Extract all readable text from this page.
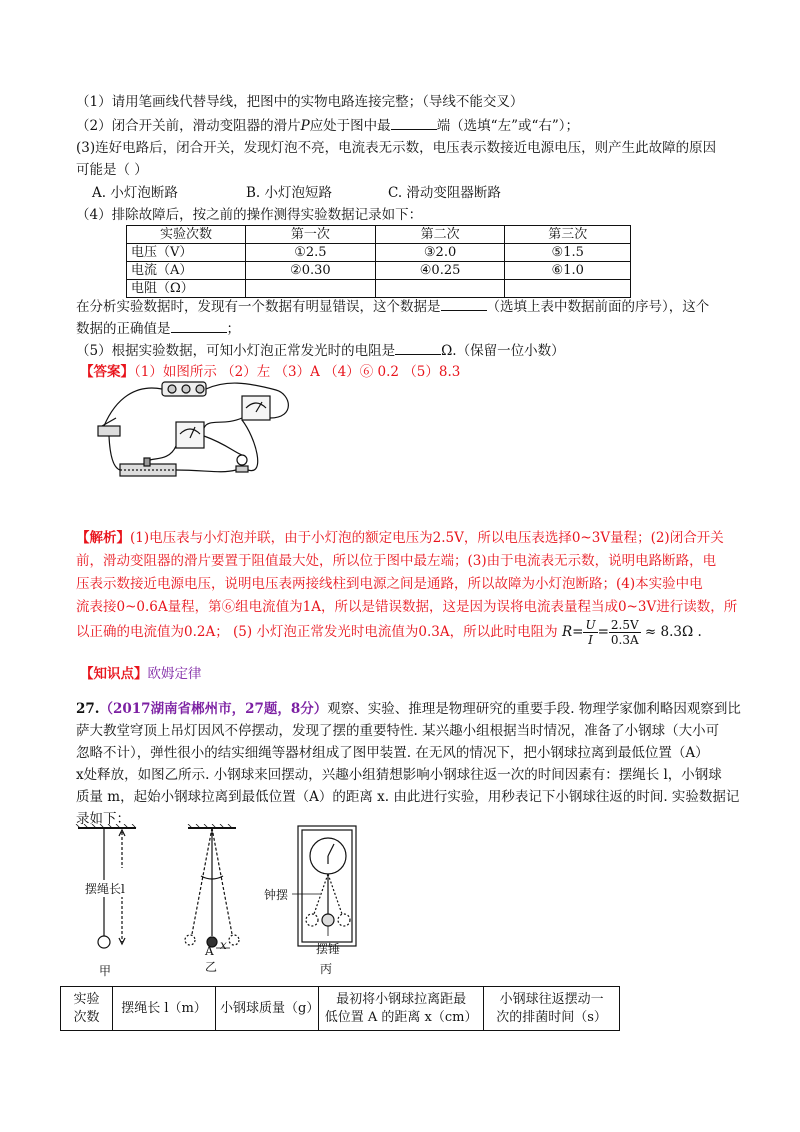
（1）请用笔画线代替导线，把图中的实物电路连接完整；（导线不能交叉）
（2）闭合开关前，滑动变阻器的滑片P应处于图中最	端（选填“左”或“右”）；
(3)连好电路后，闭合开关，发现灯泡不亮，电流表无示数，电压表示数接近电源电压，则产生此故障的原因
可能是（ ）
A. 小灯泡断路	B. 小灯泡短路	C. 滑动变阻器断路
（4）排除故障后，按之前的操作测得实验数据记录如下：
实验次数	第一次	第二次	第三次
电压（V）	①2.5	③2.0	⑤1.5
电流（A）	②0.30	④0.25	⑥1.0
电阻（Ω）			
在分析实验数据时，发现有一个数据有明显错误，这个数据是	（选填上表中数据前面的序号），这个
数据的正确值是	；
（5）根据实验数据，可知小灯泡正常发光时的电阻是	Ω.（保留一位小数）
【答案】（1）如图所示 （2）左 （3）A （4）⑥ 0.2 （5）8.3
【解析】(1)电压表与小灯泡并联，由于小灯泡的额定电压为2.5V，所以电压表选择0~3V量程；(2)闭合开关
前，滑动变阻器的滑片要置于阻值最大处，所以位于图中最左端；(3)由于电流表无示数，说明电路断路，电
压表示数接近电源电压，说明电压表两接线柱到电源之间是通路，所以故障为小灯泡断路；(4)本实验中电
流表接0~0.6A量程，第⑥组电流值为1A，所以是错误数据，这是因为误将电流表量程当成0~3V进行读数，所
以正确的电流值为0.2A； (5) 小灯泡正常发光时电流值为0.3A，所以此时电阻为 $R= \frac{U}{I} = \frac{2.5V}{0.3A} \approx 8.3\Omega$ .
【知识点】欧姆定律
27.（2017湖南省郴州市，27题，8分）观察、实验、推理是物理研究的重要手段. 物理学家伽利略因观察到比
萨大教堂穹顶上吊灯因风不停摆动，发现了摆的重要特性. 某兴趣小组根据当时情况，准备了小钢球（大小可
忽略不计），弹性很小的结实细绳等器材组成了图甲装置. 在无风的情况下，把小钢球拉离到最低位置（A）
x处释放，如图乙所示. 小钢球来回摆动，兴趣小组猜想影响小钢球往返一次的时间因素有：摆绳长 l，小钢球
质量 m，起始小钢球拉离到最低位置（A）的距离 x. 由此进行实验，用秒表记下小钢球往返的时间. 实验数据记
录如下：
摆绳长l
甲
A x
乙
钟摆
摆锤
丙
实验
次数	摆绳长 l（m）	小钢球质量（g）	最初将小钢球拉离距最
低位置 A 的距离 x（cm）	小钢球往返摆动一
次的排菌时间（s）
